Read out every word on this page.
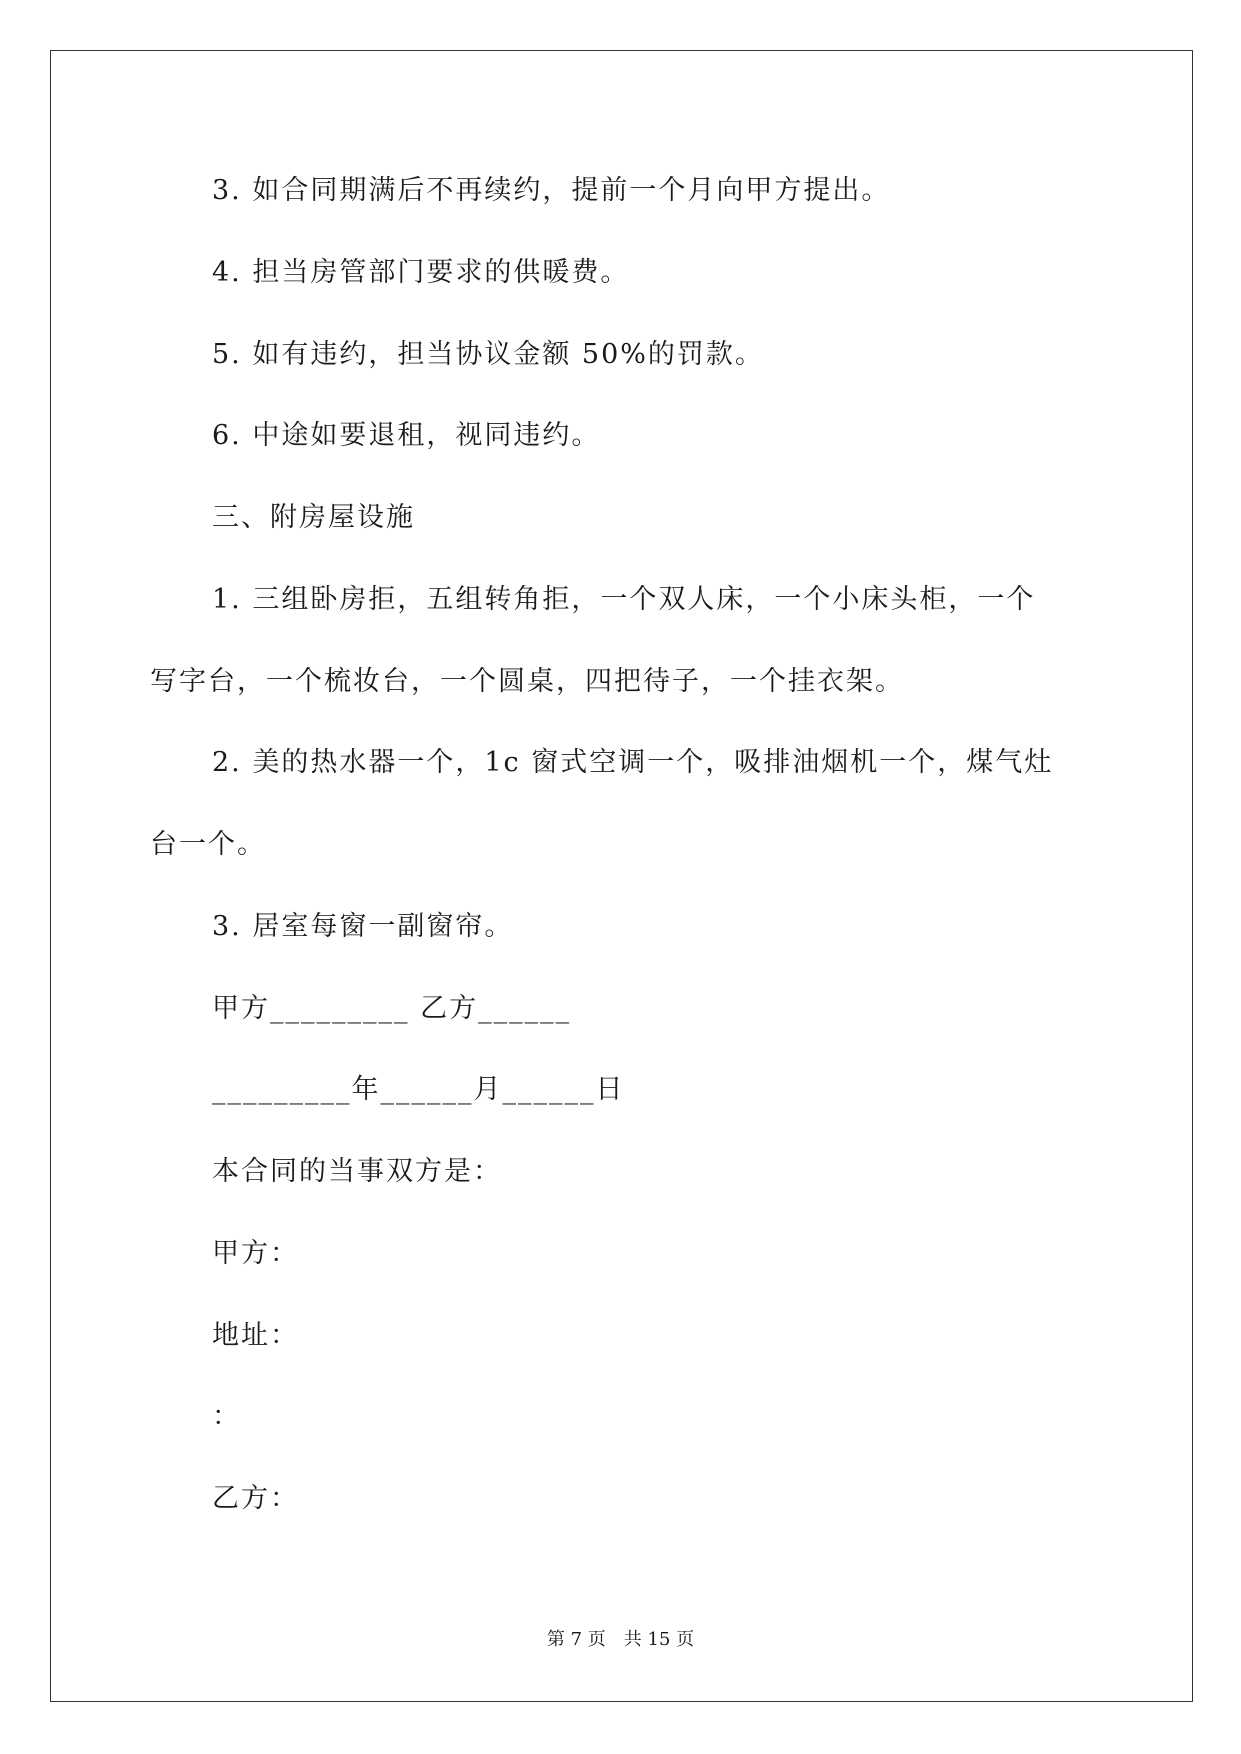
3. 如合同期满后不再续约，提前一个月向甲方提出。
4. 担当房管部门要求的供暖费。
5. 如有违约，担当协议金额 50%的罚款。
6. 中途如要退租，视同违约。
三、附房屋设施
1. 三组卧房拒，五组转角拒，一个双人床，一个小床头柜，一个
写字台，一个梳妆台，一个圆桌，四把待子，一个挂衣架。
2. 美的热水器一个，1c 窗式空调一个，吸排油烟机一个，煤气灶
台一个。
3. 居室每窗一副窗帘。
甲方_________ 乙方______
_________年______月______日
本合同的当事双方是：
甲方：
地址：
：
乙方：
第 7 页 共 15 页
